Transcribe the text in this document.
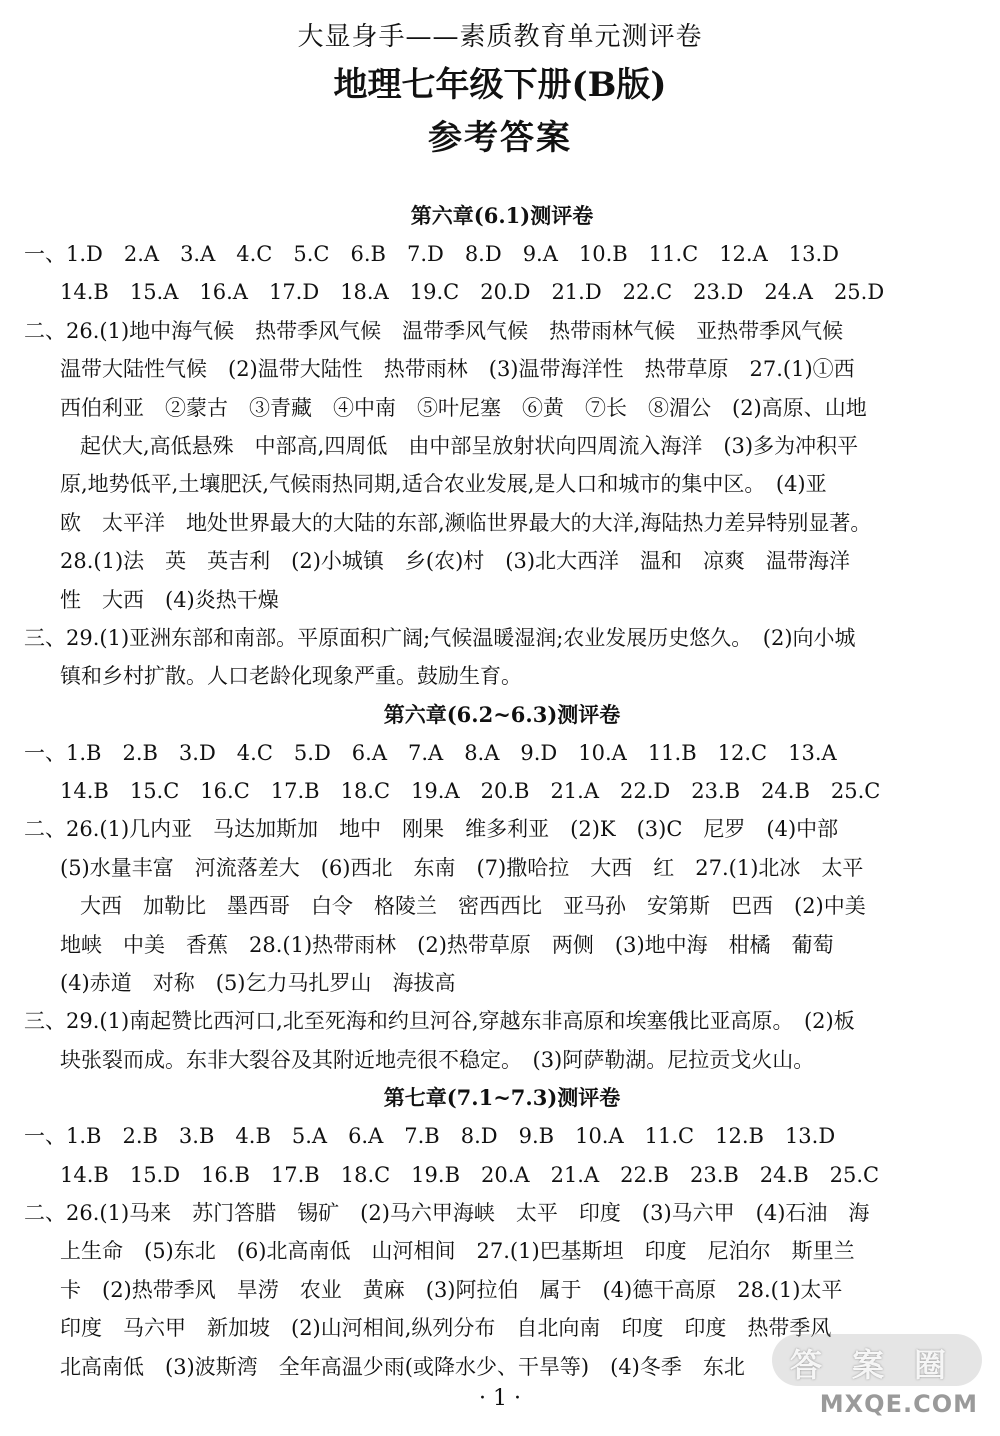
大显身手——素质教育单元测评卷
地理七年级下册(B版)
参考答案
第六章(6.1)测评卷
一、1.D　2.A　3.A　4.C　5.C　6.B　7.D　8.D　9.A　10.B　11.C　12.A　13.D
14.B　15.A　16.A　17.D　18.A　19.C　20.D　21.D　22.C　23.D　24.A　25.D
二、26.(1)地中海气候　热带季风气候　温带季风气候　热带雨林气候　亚热带季风气候
温带大陆性气候　(2)温带大陆性　热带雨林　(3)温带海洋性　热带草原　27.(1)①西
西伯利亚　②蒙古　③青藏　④中南　⑤叶尼塞　⑥黄　⑦长　⑧湄公　(2)高原、山地
起伏大,高低悬殊　中部高,四周低　由中部呈放射状向四周流入海洋　(3)多为冲积平
原,地势低平,土壤肥沃,气候雨热同期,适合农业发展,是人口和城市的集中区。　(4)亚
欧　太平洋　地处世界最大的大陆的东部,濒临世界最大的大洋,海陆热力差异特别显著。
28.(1)法　英　英吉利　(2)小城镇　乡(农)村　(3)北大西洋　温和　凉爽　温带海洋
性　大西　(4)炎热干燥
三、29.(1)亚洲东部和南部。平原面积广阔;气候温暖湿润;农业发展历史悠久。　(2)向小城
镇和乡村扩散。人口老龄化现象严重。鼓励生育。
第六章(6.2~6.3)测评卷
一、1.B　2.B　3.D　4.C　5.D　6.A　7.A　8.A　9.D　10.A　11.B　12.C　13.A
14.B　15.C　16.C　17.B　18.C　19.A　20.B　21.A　22.D　23.B　24.B　25.C
二、26.(1)几内亚　马达加斯加　地中　刚果　维多利亚　(2)K　(3)C　尼罗　(4)中部
(5)水量丰富　河流落差大　(6)西北　东南　(7)撒哈拉　大西　红　27.(1)北冰　太平
大西　加勒比　墨西哥　白令　格陵兰　密西西比　亚马孙　安第斯　巴西　(2)中美
地峡　中美　香蕉　28.(1)热带雨林　(2)热带草原　两侧　(3)地中海　柑橘　葡萄
(4)赤道　对称　(5)乞力马扎罗山　海拔高
三、29.(1)南起赞比西河口,北至死海和约旦河谷,穿越东非高原和埃塞俄比亚高原。　(2)板
块张裂而成。东非大裂谷及其附近地壳很不稳定。　(3)阿萨勒湖。尼拉贡戈火山。
第七章(7.1~7.3)测评卷
一、1.B　2.B　3.B　4.B　5.A　6.A　7.B　8.D　9.B　10.A　11.C　12.B　13.D
14.B　15.D　16.B　17.B　18.C　19.B　20.A　21.A　22.B　23.B　24.B　25.C
二、26.(1)马来　苏门答腊　锡矿　(2)马六甲海峡　太平　印度　(3)马六甲　(4)石油　海
上生命　(5)东北　(6)北高南低　山河相间　27.(1)巴基斯坦　印度　尼泊尔　斯里兰
卡　(2)热带季风　旱涝　农业　黄麻　(3)阿拉伯　属于　(4)德干高原　28.(1)太平
印度　马六甲　新加坡　(2)山河相间,纵列分布　自北向南　印度　印度　热带季风
北高南低　(3)波斯湾　全年高温少雨(或降水少、干旱等)　(4)冬季　东北
· 1 ·
答 案 圈
MXQE.COM
